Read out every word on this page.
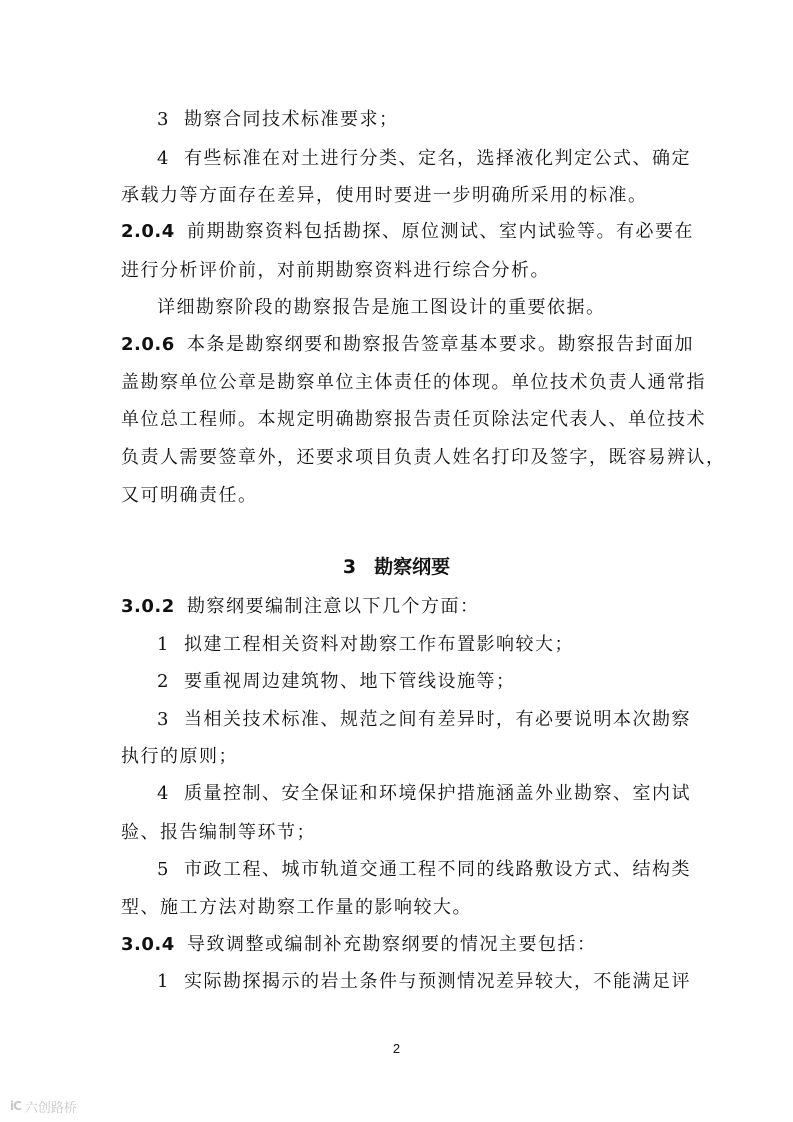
3 勘察纲要
2
iC 六创路桥
3 勘察合同技术标准要求；
4 有些标准在对土进行分类、定名，选择液化判定公式、确定
承载力等方面存在差异，使用时要进一步明确所采用的标准。
2.0.4 前期勘察资料包括勘探、原位测试、室内试验等。有必要在
进行分析评价前，对前期勘察资料进行综合分析。
详细勘察阶段的勘察报告是施工图设计的重要依据。
2.0.6 本条是勘察纲要和勘察报告签章基本要求。勘察报告封面加
盖勘察单位公章是勘察单位主体责任的体现。单位技术负责人通常指
单位总工程师。本规定明确勘察报告责任页除法定代表人、单位技术
负责人需要签章外，还要求项目负责人姓名打印及签字，既容易辨认，
又可明确责任。
3.0.2 勘察纲要编制注意以下几个方面：
1 拟建工程相关资料对勘察工作布置影响较大；
2 要重视周边建筑物、地下管线设施等；
3 当相关技术标准、规范之间有差异时，有必要说明本次勘察
执行的原则；
4 质量控制、安全保证和环境保护措施涵盖外业勘察、室内试
验、报告编制等环节；
5 市政工程、城市轨道交通工程不同的线路敷设方式、结构类
型、施工方法对勘察工作量的影响较大。
3.0.4 导致调整或编制补充勘察纲要的情况主要包括：
1 实际勘探揭示的岩土条件与预测情况差异较大，不能满足评
